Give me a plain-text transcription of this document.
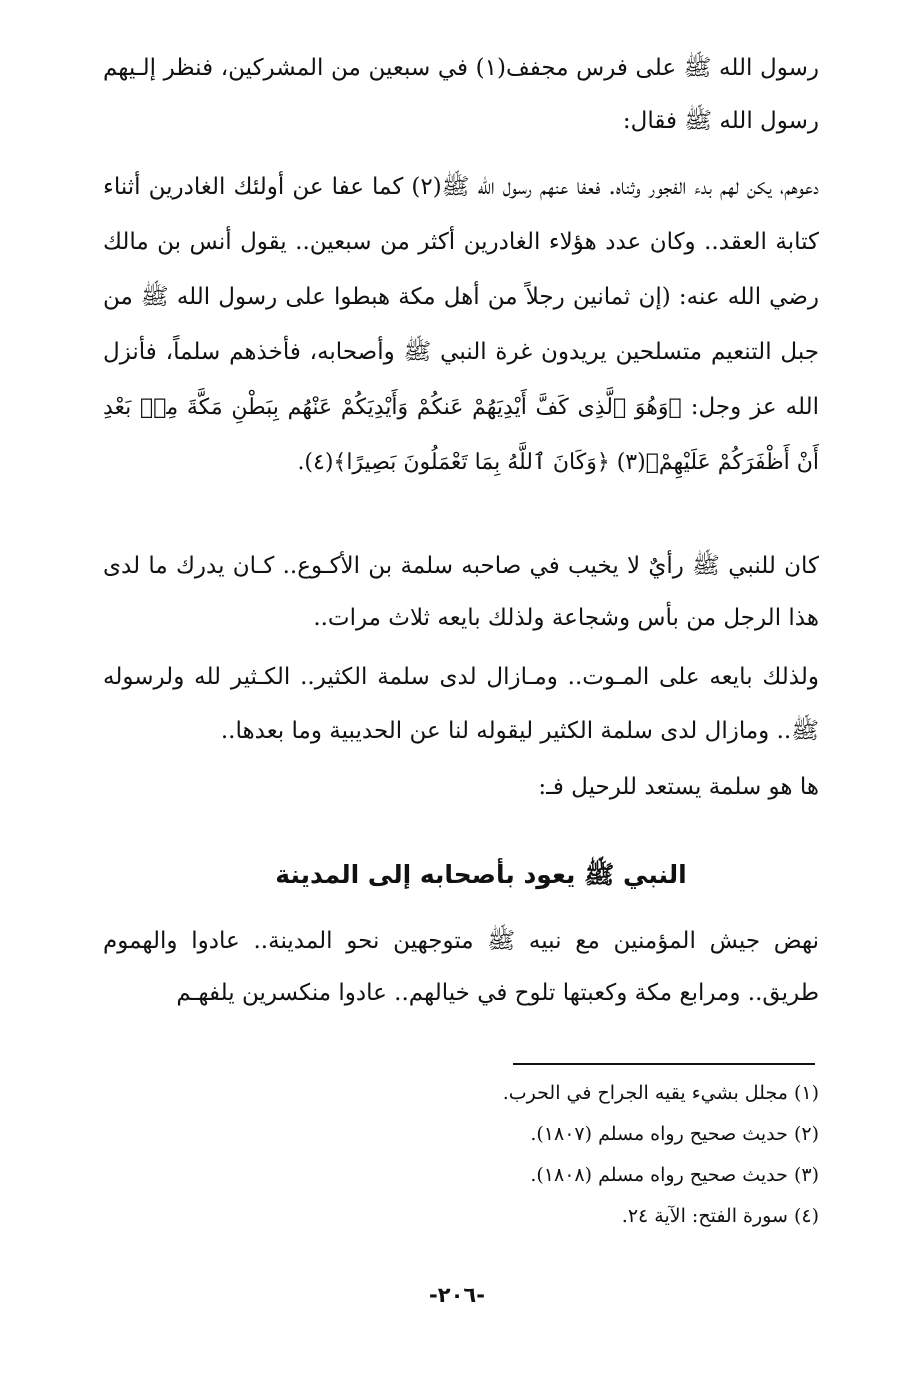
رسول الله ﷺ على فرس مجفف(١) في سبعين من المشركين، فنظر إلـيهم رسول الله ﷺ فقال:

دعوهم، يكن لهم بدء الفجور وثناه. فعفا عنهم رسول الله ﷺ(٢) كما عفا عن أولئك الغادرين أثناء كتابة العقد.. وكان عدد هؤلاء الغادرين أكثر من سبعين.. يقول أنس بن مالك رضي الله عنه: (إن ثمانين رجلاً من أهل مكة هبطوا على رسول الله ﷺ من جبل التنعيم متسلحين يريدون غرة النبي ﷺ وأصحابه، فأخذهم سلماً، فأنزل الله عز وجل: ﴿وَهُوَ ٱلَّذِى كَفَّ أَيْدِيَهُمْ عَنكُمْ وَأَيْدِيَكُمْ عَنْهُم بِبَطْنِ مَكَّةَ مِنۢ بَعْدِ أَنْ أَظْفَرَكُمْ عَلَيْهِمْ﴾(٣) ﴿وَكَانَ ٱللَّهُ بِمَا تَعْمَلُونَ بَصِيرًا﴾(٤).

كان للنبي ﷺ رأيٌ لا يخيب في صاحبه سلمة بن الأكـوع.. كـان يدرك ما لدى هذا الرجل من بأس وشجاعة ولذلك بايعه ثلاث مرات..

ولذلك بايعه على المـوت.. ومـازال لدى سلمة الكثير.. الكـثير لله ولرسوله ﷺ.. ومازال لدى سلمة الكثير ليقوله لنا عن الحديبية وما بعدها..

ها هو سلمة يستعد للرحيل فـ:

النبي ﷺ يعود بأصحابه إلى المدينة

نهض جيش المؤمنين مع نبيه ﷺ متوجهين نحو المدينة.. عادوا والهموم طريق.. ومرابع مكة وكعبتها تلوح في خيالهم.. عادوا منكسرين يلفهـم

(١) مجلل بشيء يقيه الجراح في الحرب.
(٢) حديث صحيح رواه مسلم (١٨٠٧).
(٣) حديث صحيح رواه مسلم (١٨٠٨).
(٤) سورة الفتح: الآية ٢٤.
-٢٠٦-
